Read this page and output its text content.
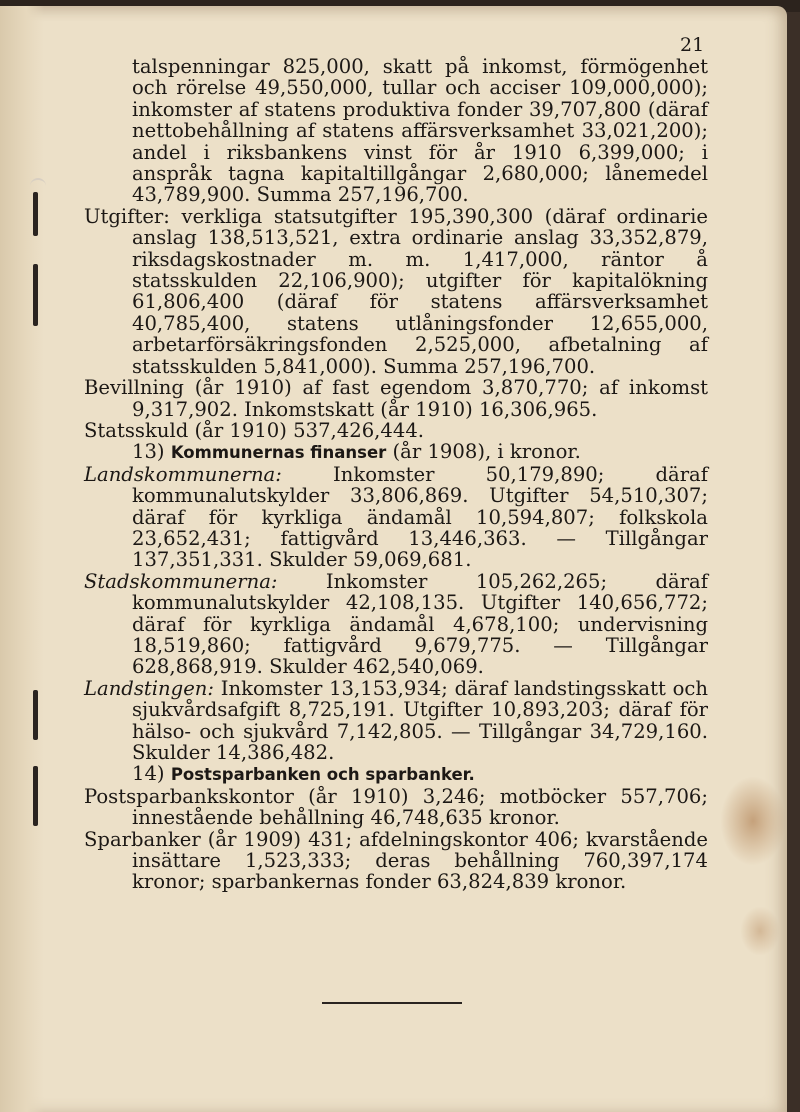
21

talspenningar 825,000, skatt på inkomst, förmögenhet och rörelse 49,550,000, tullar och acciser 109,000,000); inkomster af statens produktiva fonder 39,707,800 (däraf nettobehållning af statens affärsverksamhet 33,021,200); andel i riksbankens vinst för år 1910 6,399,000; i anspråk tagna kapitaltillgångar 2,680,000; lånemedel 43,789,900. Summa 257,196,700.

Utgifter: verkliga statsutgifter 195,390,300 (däraf ordinarie anslag 138,513,521, extra ordinarie anslag 33,352,879, riksdagskostnader m. m. 1,417,000, räntor å statsskulden 22,106,900); utgifter för kapitalökning 61,806,400 (däraf för statens affärsverksamhet 40,785,400, statens utlåningsfonder 12,655,000, arbetarförsäkringsfonden 2,525,000, afbetalning af statsskulden 5,841,000). Summa 257,196,700.

Bevillning (år 1910) af fast egendom 3,870,770; af inkomst 9,317,902. Inkomstskatt (år 1910) 16,306,965.

Statsskuld (år 1910) 537,426,444.

13) Kommunernas finanser (år 1908), i kronor.

Landskommunerna: Inkomster 50,179,890; däraf kommunalutskylder 33,806,869. Utgifter 54,510,307; däraf för kyrkliga ändamål 10,594,807; folkskola 23,652,431; fattigvård 13,446,363. — Tillgångar 137,351,331. Skulder 59,069,681.

Stadskommunerna: Inkomster 105,262,265; däraf kommunalutskylder 42,108,135. Utgifter 140,656,772; däraf för kyrkliga ändamål 4,678,100; undervisning 18,519,860; fattigvård 9,679,775. — Tillgångar 628,868,919. Skulder 462,540,069.

Landstingen: Inkomster 13,153,934; däraf landstingsskatt och sjukvårdsafgift 8,725,191. Utgifter 10,893,203; däraf för hälso- och sjukvård 7,142,805. — Tillgångar 34,729,160. Skulder 14,386,482.

14) Postsparbanken och sparbanker.

Postsparbankskontor (år 1910) 3,246; motböcker 557,706; innestående behållning 46,748,635 kronor.

Sparbanker (år 1909) 431; afdelningskontor 406; kvarstående insättare 1,523,333; deras behållning 760,397,174 kronor; sparbankernas fonder 63,824,839 kronor.
